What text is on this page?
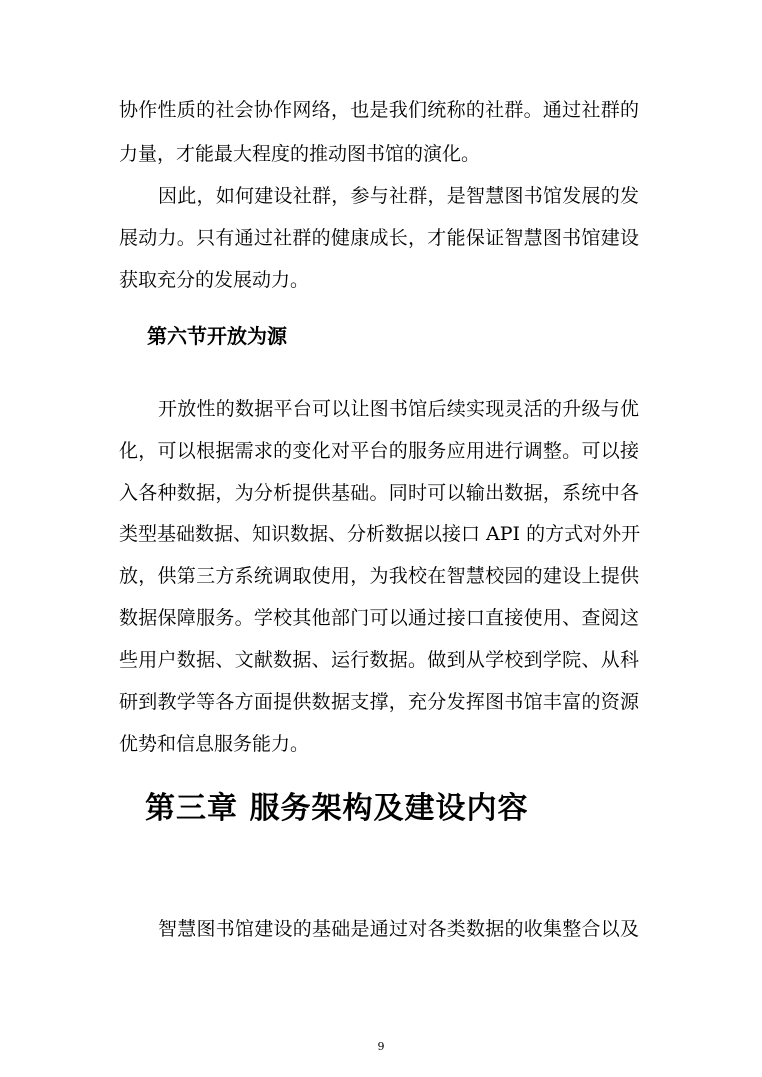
协作性质的社会协作网络，也是我们统称的社群。通过社群的
力量，才能最大程度的推动图书馆的演化。
因此，如何建设社群，参与社群，是智慧图书馆发展的发
展动力。只有通过社群的健康成长，才能保证智慧图书馆建设
获取充分的发展动力。
第六节开放为源
开放性的数据平台可以让图书馆后续实现灵活的升级与优
化，可以根据需求的变化对平台的服务应用进行调整。可以接
入各种数据，为分析提供基础。同时可以输出数据，系统中各
类型基础数据、知识数据、分析数据以接口 API 的方式对外开
放，供第三方系统调取使用，为我校在智慧校园的建设上提供
数据保障服务。学校其他部门可以通过接口直接使用、查阅这
些用户数据、文献数据、运行数据。做到从学校到学院、从科
研到教学等各方面提供数据支撑，充分发挥图书馆丰富的资源
优势和信息服务能力。
第三章 服务架构及建设内容
智慧图书馆建设的基础是通过对各类数据的收集整合以及
9
